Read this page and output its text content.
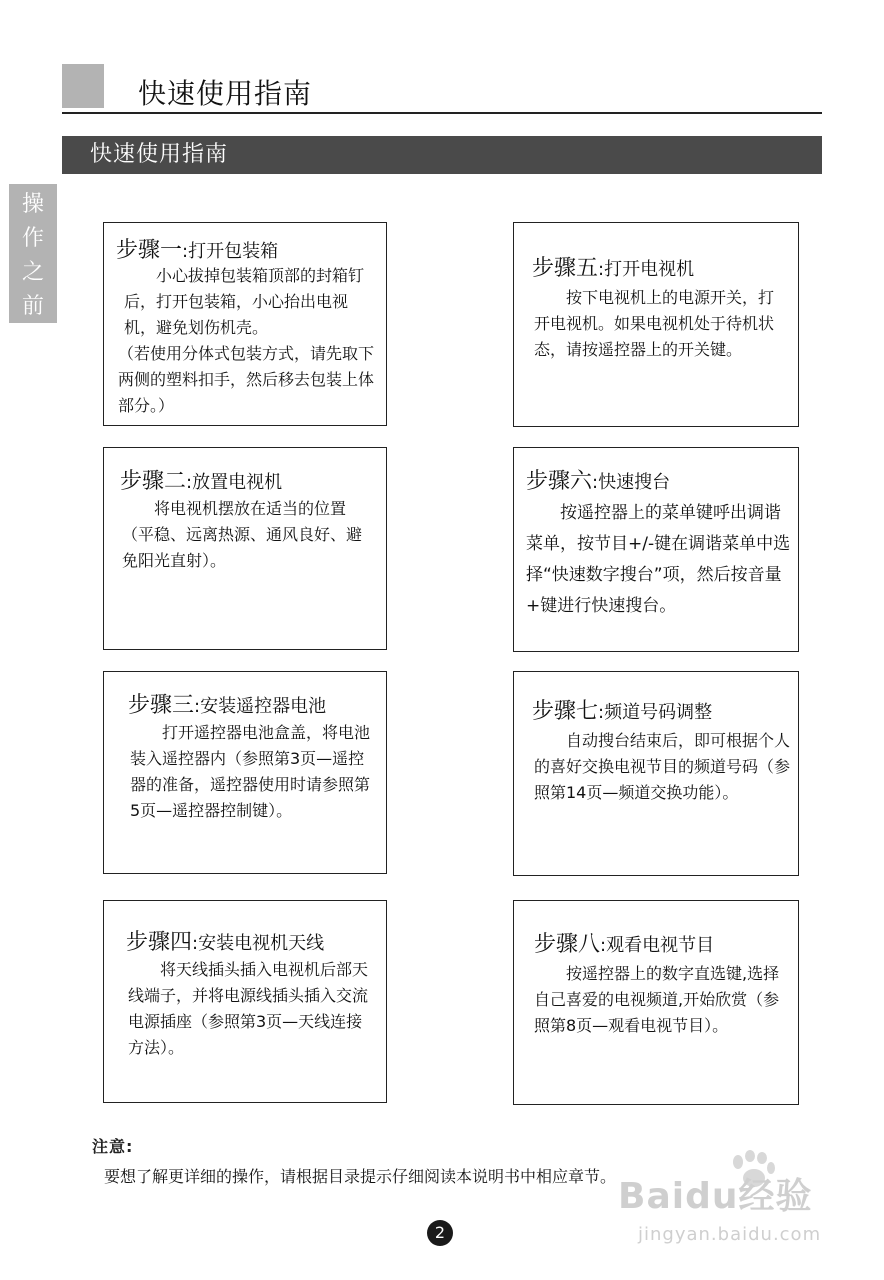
快速使用指南
快速使用指南
操
作
之
前
步骤一:打开包装箱
小心拔掉包装箱顶部的封箱钉后，打开包装箱，小心抬出电视机，避免划伤机壳。
（若使用分体式包装方式，请先取下两侧的塑料扣手，然后移去包装上体部分。）
步骤二:放置电视机
将电视机摆放在适当的位置（平稳、远离热源、通风良好、避免阳光直射）。
步骤三:安装遥控器电池
打开遥控器电池盒盖，将电池装入遥控器内（参照第3页—遥控器的准备，遥控器使用时请参照第5页—遥控器控制键）。
步骤四:安装电视机天线
将天线插头插入电视机后部天线端子，并将电源线插头插入交流电源插座（参照第3页—天线连接方法）。
步骤五:打开电视机
按下电视机上的电源开关，打开电视机。如果电视机处于待机状态，请按遥控器上的开关键。
步骤六:快速搜台
按遥控器上的菜单键呼出调谐菜单，按节目+/-键在调谐菜单中选择“快速数字搜台”项，然后按音量+键进行快速搜台。
步骤七:频道号码调整
自动搜台结束后，即可根据个人的喜好交换电视节目的频道号码（参照第14页—频道交换功能）。
步骤八:观看电视节目
按遥控器上的数字直选键,选择自己喜爱的电视频道,开始欣赏（参照第8页—观看电视节目）。
注意:
要想了解更详细的操作，请根据目录提示仔细阅读本说明书中相应章节。
2
Baidu经验
jingyan.baidu.com
